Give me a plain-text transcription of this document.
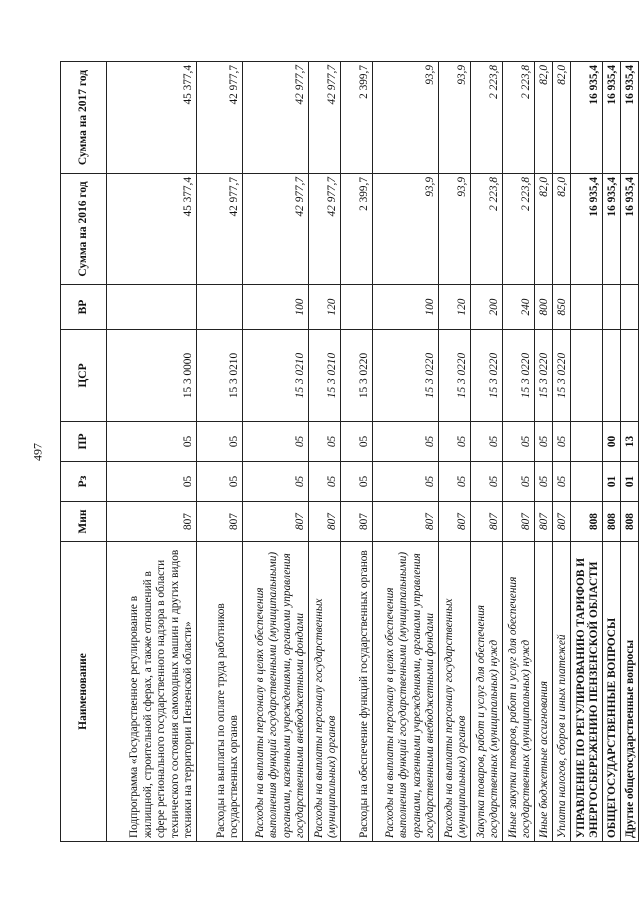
497
Наименование	Мин	Рз	ПР	ЦСР	ВР	Сумма на 2016 год	Сумма на 2017 год
Подпрограмма «Государственное регулирование в жилищной, строительной сферах, а также отношений в сфере регионального государственного надзора в области технического состояния самоходных машин и других видов техники на территории Пензенской области»	807	05	05	15 3 0000		45 377,4	45 377,4
Расходы на выплаты по оплате труда работников государственных органов	807	05	05	15 3 0210		42 977,7	42 977,7
Расходы на выплаты персоналу в целях обеспечения выполнения функций государственными (муниципальными) органами, казенными учреждениями, органами управления государственными внебюджетными фондами	807	05	05	15 3 0210	100	42 977,7	42 977,7
Расходы на выплаты персоналу государственных (муниципальных) органов	807	05	05	15 3 0210	120	42 977,7	42 977,7
Расходы на обеспечение функций государственных органов	807	05	05	15 3 0220		2 399,7	2 399,7
Расходы на выплаты персоналу в целях обеспечения выполнения функций государственными (муниципальными) органами, казенными учреждениями, органами управления государственными внебюджетными фондами	807	05	05	15 3 0220	100	93,9	93,9
Расходы на выплаты персоналу государственных (муниципальных) органов	807	05	05	15 3 0220	120	93,9	93,9
Закупка товаров, работ и услуг для обеспечения государственных (муниципальных) нужд	807	05	05	15 3 0220	200	2 223,8	2 223,8
Иные закупки товаров, работ и услуг для обеспечения государственных (муниципальных) нужд	807	05	05	15 3 0220	240	2 223,8	2 223,8
Иные бюджетные ассигнования	807	05	05	15 3 0220	800	82,0	82,0
Уплата налогов, сборов и иных платежей	807	05	05	15 3 0220	850	82,0	82,0
УПРАВЛЕНИЕ ПО РЕГУЛИРОВАНИЮ ТАРИФОВ И ЭНЕРГОСБЕРЕЖЕНИЮ ПЕНЗЕНСКОЙ ОБЛАСТИ	808					16 935,4	16 935,4
ОБЩЕГОСУДАРСТВЕННЫЕ ВОПРОСЫ	808	01	00			16 935,4	16 935,4
Другие общегосударственные вопросы	808	01	13			16 935,4	16 935,4
